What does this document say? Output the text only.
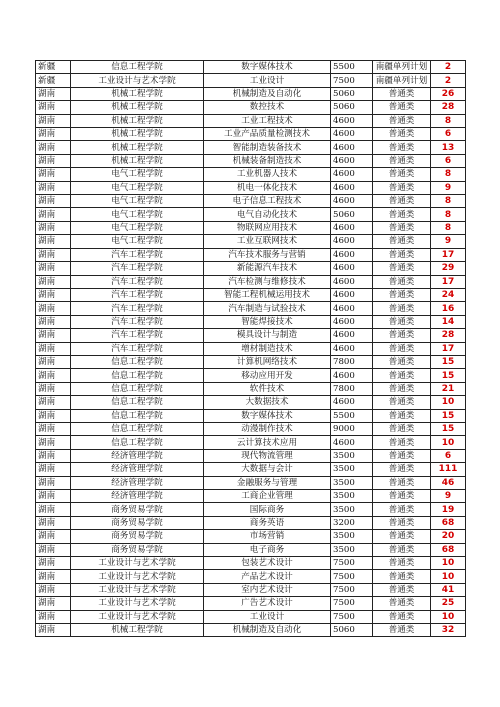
新疆	信息工程学院	数字媒体技术	5500	南疆单列计划	2
新疆	工业设计与艺术学院	工业设计	7500	南疆单列计划	2
湖南	机械工程学院	机械制造及自动化	5060	普通类	26
湖南	机械工程学院	数控技术	5060	普通类	28
湖南	机械工程学院	工业工程技术	4600	普通类	8
湖南	机械工程学院	工业产品质量检测技术	4600	普通类	6
湖南	机械工程学院	智能制造装备技术	4600	普通类	13
湖南	机械工程学院	机械装备制造技术	4600	普通类	6
湖南	电气工程学院	工业机器人技术	4600	普通类	8
湖南	电气工程学院	机电一体化技术	4600	普通类	9
湖南	电气工程学院	电子信息工程技术	4600	普通类	8
湖南	电气工程学院	电气自动化技术	5060	普通类	8
湖南	电气工程学院	物联网应用技术	4600	普通类	8
湖南	电气工程学院	工业互联网技术	4600	普通类	9
湖南	汽车工程学院	汽车技术服务与营销	4600	普通类	17
湖南	汽车工程学院	新能源汽车技术	4600	普通类	29
湖南	汽车工程学院	汽车检测与维修技术	4600	普通类	17
湖南	汽车工程学院	智能工程机械运用技术	4600	普通类	24
湖南	汽车工程学院	汽车制造与试验技术	4600	普通类	16
湖南	汽车工程学院	智能焊接技术	4600	普通类	14
湖南	汽车工程学院	模具设计与制造	4600	普通类	28
湖南	汽车工程学院	增材制造技术	4600	普通类	17
湖南	信息工程学院	计算机网络技术	7800	普通类	15
湖南	信息工程学院	移动应用开发	4600	普通类	15
湖南	信息工程学院	软件技术	7800	普通类	21
湖南	信息工程学院	大数据技术	4600	普通类	10
湖南	信息工程学院	数字媒体技术	5500	普通类	15
湖南	信息工程学院	动漫制作技术	9000	普通类	15
湖南	信息工程学院	云计算技术应用	4600	普通类	10
湖南	经济管理学院	现代物流管理	3500	普通类	6
湖南	经济管理学院	大数据与会计	3500	普通类	111
湖南	经济管理学院	金融服务与管理	3500	普通类	46
湖南	经济管理学院	工商企业管理	3500	普通类	9
湖南	商务贸易学院	国际商务	3500	普通类	19
湖南	商务贸易学院	商务英语	3200	普通类	68
湖南	商务贸易学院	市场营销	3500	普通类	20
湖南	商务贸易学院	电子商务	3500	普通类	68
湖南	工业设计与艺术学院	包装艺术设计	7500	普通类	10
湖南	工业设计与艺术学院	产品艺术设计	7500	普通类	10
湖南	工业设计与艺术学院	室内艺术设计	7500	普通类	41
湖南	工业设计与艺术学院	广告艺术设计	7500	普通类	25
湖南	工业设计与艺术学院	工业设计	7500	普通类	10
湖南	机械工程学院	机械制造及自动化	5060	普通类	32
